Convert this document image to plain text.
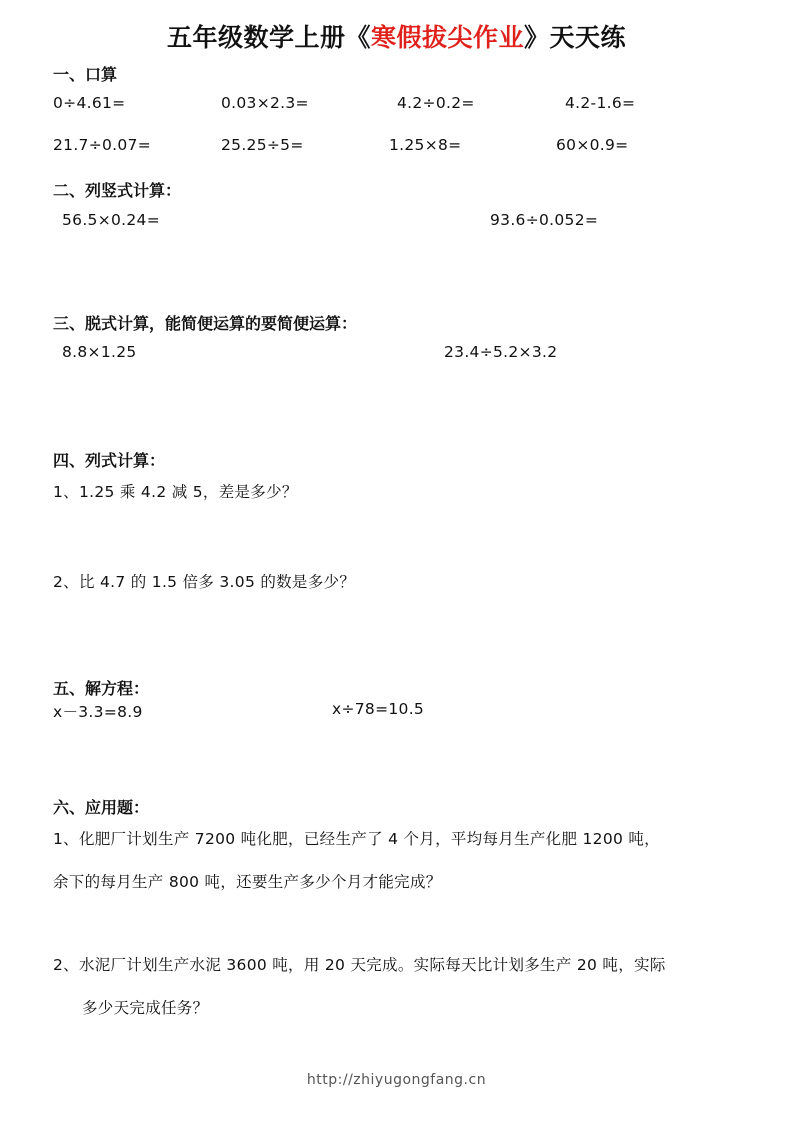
五年级数学上册《寒假拔尖作业》天天练
一、口算
0÷4.61=	0.03×2.3=	4.2÷0.2=	4.2-1.6=
21.7÷0.07=	25.25÷5=	1.25×8=	60×0.9=
二、列竖式计算：
56.5×0.24=	93.6÷0.052=
三、脱式计算，能简便运算的要简便运算：
8.8×1.25	23.4÷5.2×3.2
四、列式计算：
1、1.25 乘 4.2 减 5，差是多少？
2、比 4.7 的 1.5 倍多 3.05 的数是多少？
五、解方程：
x－3.3=8.9	x÷78=10.5
六、应用题：
1、化肥厂计划生产 7200 吨化肥，已经生产了 4 个月，平均每月生产化肥 1200 吨，
余下的每月生产 800 吨，还要生产多少个月才能完成？
2、水泥厂计划生产水泥 3600 吨，用 20 天完成。实际每天比计划多生产 20 吨，实际
多少天完成任务？
http://zhiyugongfang.cn
